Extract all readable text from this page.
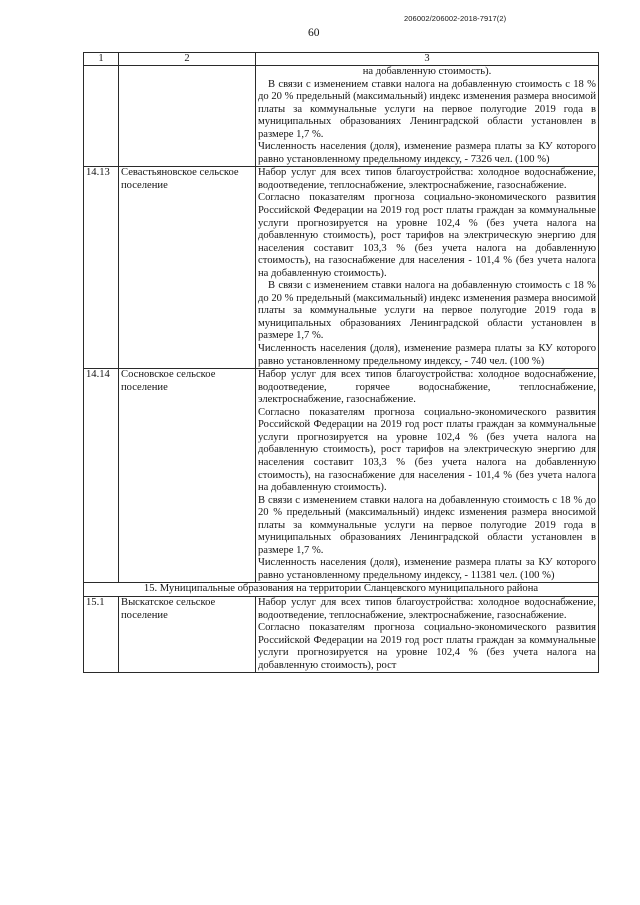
206002/206002-2018-7917(2)
60
1	2	3

		на добавленную стоимость).
В связи с изменением ставки налога на добавленную стоимость с 18 % до 20 % предельный (максимальный) индекс изменения размера вносимой платы за коммунальные услуги на первое полугодие 2019 года в муниципальных образованиях Ленинградской области установлен в размере 1,7 %.
Численность населения (доля), изменение размера платы за КУ которого равно установленному предельному индексу, - 7326 чел. (100 %)

14.13	Севастьяновское сельское поселение	Набор услуг для всех типов благоустройства: холодное водоснабжение, водоотведение, теплоснабжение, электроснабжение, газоснабжение.
Согласно показателям прогноза социально-экономического развития Российской Федерации на 2019 год рост платы граждан за коммунальные услуги прогнозируется на уровне 102,4 % (без учета налога на добавленную стоимость), рост тарифов на электрическую энергию для населения составит 103,3 % (без учета налога на добавленную стоимость), на газоснабжение для населения - 101,4 % (без учета налога на добавленную стоимость).
В связи с изменением ставки налога на добавленную стоимость с 18 % до 20 % предельный (максимальный) индекс изменения размера вносимой платы за коммунальные услуги на первое полугодие 2019 года в муниципальных образованиях Ленинградской области установлен в размере 1,7 %.
Численность населения (доля), изменение размера платы за КУ которого равно установленному предельному индексу, - 740 чел. (100 %)

14.14	Сосновское сельское поселение	Набор услуг для всех типов благоустройства: холодное водоснабжение, водоотведение, горячее водоснабжение, теплоснабжение, электроснабжение, газоснабжение.
Согласно показателям прогноза социально-экономического развития Российской Федерации на 2019 год рост платы граждан за коммунальные услуги прогнозируется на уровне 102,4 % (без учета налога на добавленную стоимость), рост тарифов на электрическую энергию для населения составит 103,3 % (без учета налога на добавленную стоимость), на газоснабжение для населения - 101,4 % (без учета налога на добавленную стоимость).
В связи с изменением ставки налога на добавленную стоимость с 18 % до 20 % предельный (максимальный) индекс изменения размера вносимой платы за коммунальные услуги на первое полугодие 2019 года в муниципальных образованиях Ленинградской области установлен в размере 1,7 %.
Численность населения (доля), изменение размера платы за КУ которого равно установленному предельному индексу, - 11381 чел. (100 %)

15. Муниципальные образования на территории Сланцевского муниципального района		
15.1	Выскатское сельское поселение	Набор услуг для всех типов благоустройства: холодное водоснабжение, водоотведение, теплоснабжение, электроснабжение, газоснабжение.
Согласно показателям прогноза социально-экономического развития Российской Федерации на 2019 год рост платы граждан за коммунальные услуги прогнозируется на уровне 102,4 % (без учета налога на добавленную стоимость), рост
